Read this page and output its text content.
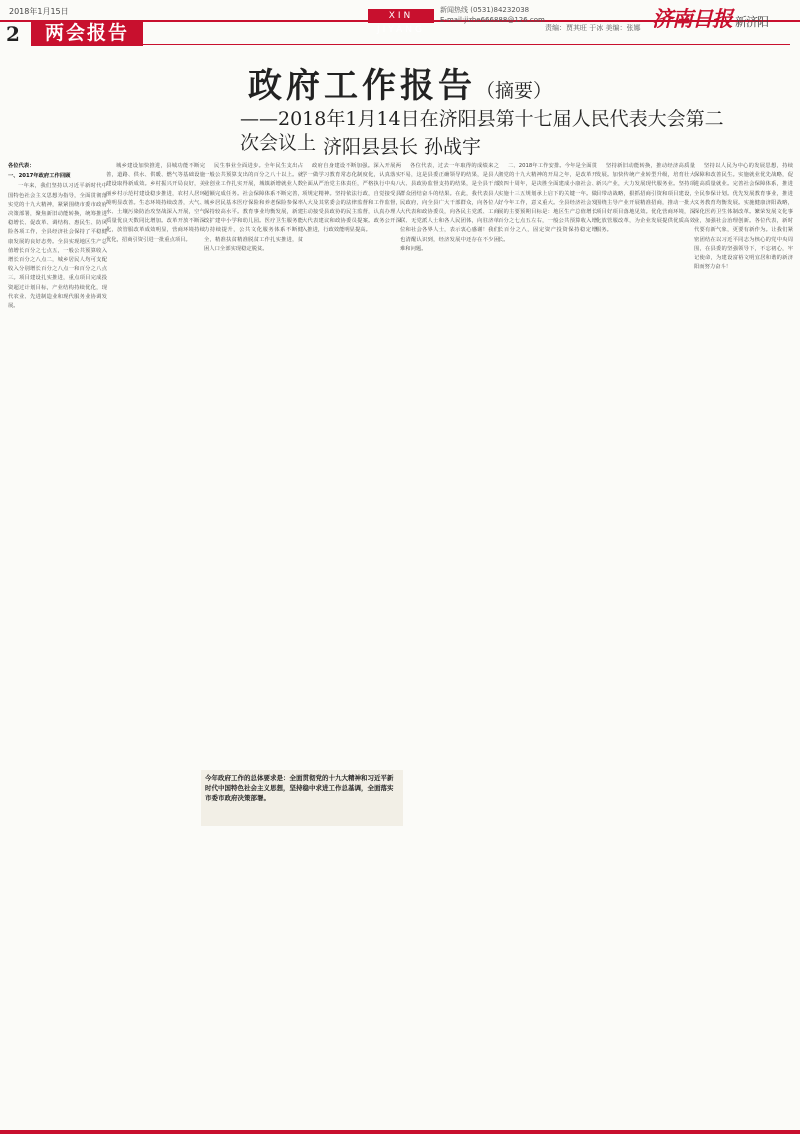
2018年1月15日	XIN JIYANG
新闻热线 (0531)84232038
E-mail:jizhe666888@126.com
责编：贾其旺 于冰 美编：张娜 济南日报 新济阳
2	两会报告
政府工作报告（摘要）
——2018年1月14日在济阳县第十七届人民代表大会第二次会议上 济阳县县长 孙战宇

各位代表：

一、2017年政府工作回顾

一年来，我们坚持以习近平新时代中国特色社会主义思想为指导，全面贯彻落实党的十九大精神，紧紧围绕市委市政府决策部署，聚焦新旧动能转换，统筹推进稳增长、促改革、调结构、惠民生、防风险各项工作，全县经济社会保持了平稳健康发展的良好态势。全县实现地区生产总值增长百分之七点五，一般公共预算收入增长百分之八点二，城乡居民人均可支配收入分别增长百分之八点一和百分之八点三。项目建设扎实推进，重点项目完成投资超过计划目标，产业结构持续优化，现代农业、先进制造业和现代服务业协调发展。

城乡建设加快推进，县城功能不断完善，道路、供水、供暖、燃气等基础设施建设取得新成效。乡村振兴开局良好，美丽乡村示范村建设稳步推进，农村人居环境明显改善。生态环境持续改善，大气、水、土壤污染防治攻坚战深入开展，空气质量优良天数同比增加。改革开放不断深化，放管服改革成效明显，营商环境持续优化，招商引资引进一批重点项目。

民生事业全面进步。全年民生支出占一般公共预算支出的百分之八十以上。就业创业工作扎实开展，城镇新增就业人数超额完成任务。社会保障体系不断完善，城乡居民基本医疗保险和养老保险参保率保持较高水平。教育事业均衡发展，新建改扩建中小学和幼儿园。医疗卫生服务能力持续提升，公共文化服务体系不断健全，精准扶贫精准脱贫工作扎实推进，贫困人口全部实现稳定脱贫。

政府自身建设不断加强。深入开展两学一做学习教育常态化制度化，认真落实全面从严治党主体责任，严格执行中央八项规定精神。坚持依法行政，自觉接受县人大及其常委会的法律监督和工作监督，主动接受县政协的民主监督，认真办理人大代表建议和政协委员提案。政务公开深入推进，行政效能明显提高。

各位代表，过去一年取得的成绩来之不易，这是县委正确领导的结果，是县人大、县政协监督支持的结果，是全县干部群众团结奋斗的结果。在此，我代表县人民政府，向全县广大干部群众，向各位人大代表和政协委员，向各民主党派、工商联、无党派人士和各人民团体，向驻济单位和社会各界人士，表示衷心感谢！我们也清醒认识到，经济发展中还存在不少困难和问题。

二、2018年工作安排。今年是全面贯彻党的十九大精神的开局之年，是改革开放四十周年，是决胜全面建成小康社会、实施十三五规划承上启下的关键一年。做好今年工作，意义重大。全县经济社会发展的主要预期目标是：地区生产总值增长百分之七点五左右，一般公共预算收入增长百分之八，固定资产投资保持稳定增长。

坚持新旧动能转换，推动经济高质量发展。加快传统产业转型升级，培育壮大新兴产业，大力发展现代服务业。坚持项目带动战略，狠抓招商引资和项目建设，围绕主导产业开展精准招商，推动一批大项目好项目落地见效。优化营商环境，深化放管服改革，为企业发展提供优质高效服务。

坚持以人民为中心的发展思想，持续保障和改善民生。实施就业优先战略，促进高质量就业。完善社会保障体系，推进全民参保计划。优先发展教育事业，推进义务教育均衡发展。实施健康济阳战略，深化医药卫生体制改革。繁荣发展文化事业，加强社会治理创新。各位代表，新时代要有新气象，更要有新作为。让我们紧密团结在以习近平同志为核心的党中央周围，在县委的坚强领导下，不忘初心，牢记使命，为建设富裕文明宜居和谐的新济阳而努力奋斗！

今年政府工作的总体要求是：全面贯彻党的十九大精神和习近平新时代中国特色社会主义思想，坚持稳中求进工作总基调，全面落实市委市政府决策部署。
